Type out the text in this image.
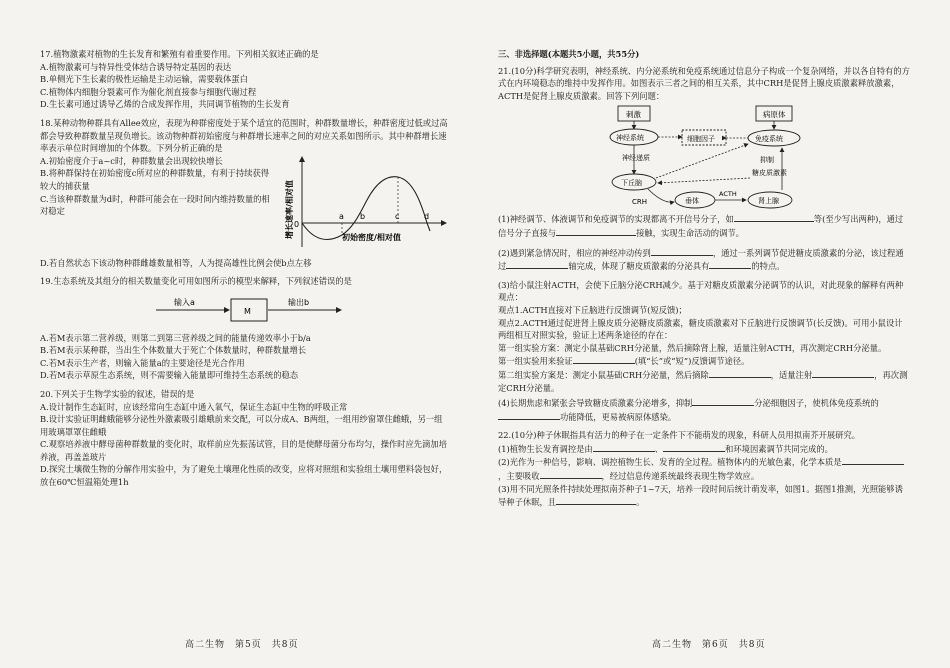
17.植物激素对植物的生长发育和繁殖有着重要作用。下列相关叙述正确的是
A.植物激素可与特异性受体结合诱导特定基因的表达
B.单侧光下生长素的极性运输是主动运输，需要载体蛋白
C.植物体内细胞分裂素可作为催化剂直接参与细胞代谢过程
D.生长素可通过诱导乙烯的合成发挥作用，共同调节植物的生长发育

18.某种动物种群具有Allee效应，表现为种群密度处于某个适宜的范围时，种群数量增长，种群密度过低或过高都会导致种群数量呈现负增长。该动物种群初始密度与种群增长速率之间的对应关系如图所示。其中种群增长速率表示单位时间增加的个体数。下列分析正确的是

A.初始密度介于a~c时，种群数量会出现较快增长
B.将种群保持在初始密度c所对应的种群数量，有利于持续获得较大的捕获量
C.当该种群数量为d时，种群可能会在一段时间内维持数量的相对稳定
0
a b	c	d
初始密度/相对值
增长速率/相对值

D.若自然状态下该动物种群雌雄数量相等，人为提高雄性比例会使b点左移

19.生态系统及其组分的相关数量变化可用如图所示的模型来解释，下列叙述错误的是

输入a
M
输出b

A.若M表示第二营养级，则第二到第三营养级之间的能量传递效率小于b/a
B.若M表示某种群，当出生个体数量大于死亡个体数量时，种群数量增长
C.若M表示生产者，则输入能量a的主要途径是光合作用
D.若M表示草原生态系统，则不需要输入能量即可维持生态系统的稳态

20.下列关于生物学实验的叙述，错误的是
A.设计制作生态缸时，应该经常向生态缸中通入氧气，保证生态缸中生物的呼吸正常
B.设计实验证明雌蛾能够分泌性外激素吸引雄蛾前来交配，可以分成A、B两组，一组用纱窗罩住雌蛾，另一组用玻璃罩罩住雌蛾
C.观察培养液中酵母菌种群数量的变化时，取样前应先振荡试管，目的是使酵母菌分布均匀，操作时应先滴加培养液，再盖盖玻片
D.探究土壤微生物的分解作用实验中，为了避免土壤理化性质的改变，应将对照组和实验组土壤用塑料袋包好，放在60℃恒温箱处理1h

高二生物　第5页　共8页

三、非选择题(本题共5小题，共55分)

21.(10分)科学研究表明，神经系统、内分泌系统和免疫系统通过信息分子构成一个复杂网络，并以各自特有的方式在内环境稳态的维持中发挥作用。如图表示三者之间的相互关系，其中CRH是促肾上腺皮质激素释放激素，ACTH是促肾上腺皮质激素。回答下列问题：

刺激
神经系统
神经递质
下丘脑
CRH	垂体
ACTH
肾上腺
细胞因子
病原体
免疫系统
抑制
糖皮质激素

(1)神经调节、体液调节和免疫调节的实现都离不开信号分子，如	等(至少写出两种)，通过信号分子直接与	接触，实现生命活动的调节。

(2)遇到紧急情况时，相应的神经冲动传到	，通过一系列调节促进糖皮质激素的分泌，该过程通过	轴完成，体现了糖皮质激素的分泌具有	的特点。

(3)给小鼠注射ACTH，会使下丘脑分泌CRH减少。基于对糖皮质激素分泌调节的认识，对此现象的解释有两种观点：
观点1.ACTH直接对下丘脑进行反馈调节(短反馈)；
观点2.ACTH通过促进肾上腺皮质分泌糖皮质激素，糖皮质激素对下丘脑进行反馈调节(长反馈)。可用小鼠设计两组相互对照实验，验证上述两条途径的存在：
第一组实验方案：测定小鼠基础CRH分泌量，然后摘除肾上腺，适量注射ACTH，再次测定CRH分泌量。
第一组实验用来验证	(填“长”或“短”)反馈调节途径。
第二组实验方案是：测定小鼠基础CRH分泌量，然后摘除	，适量注射	，再次测定CRH分泌量。

(4)长期焦虑和紧张会导致糖皮质激素分泌增多，抑制	分泌细胞因子，使机体免疫系统的功能降低，更易被病原体感染。

22.(10分)种子休眠指具有活力的种子在一定条件下不能萌发的现象，科研人员用拟南芥开展研究。
(1)植物生长发育调控是由	、	和环境因素调节共同完成的。
(2)光作为一种信号，影响、调控植物生长、发育的全过程。植物体内的光敏色素，化学本质是，主要吸收	，经过信息传递系统最终表现生物学效应。
(3)用不同光照条件持续处理拟南芥种子1~7天，培养一段时间后统计萌发率，如图1。据图1推测，光照能够诱导种子休眠，且	。

高二生物　第6页　共8页
